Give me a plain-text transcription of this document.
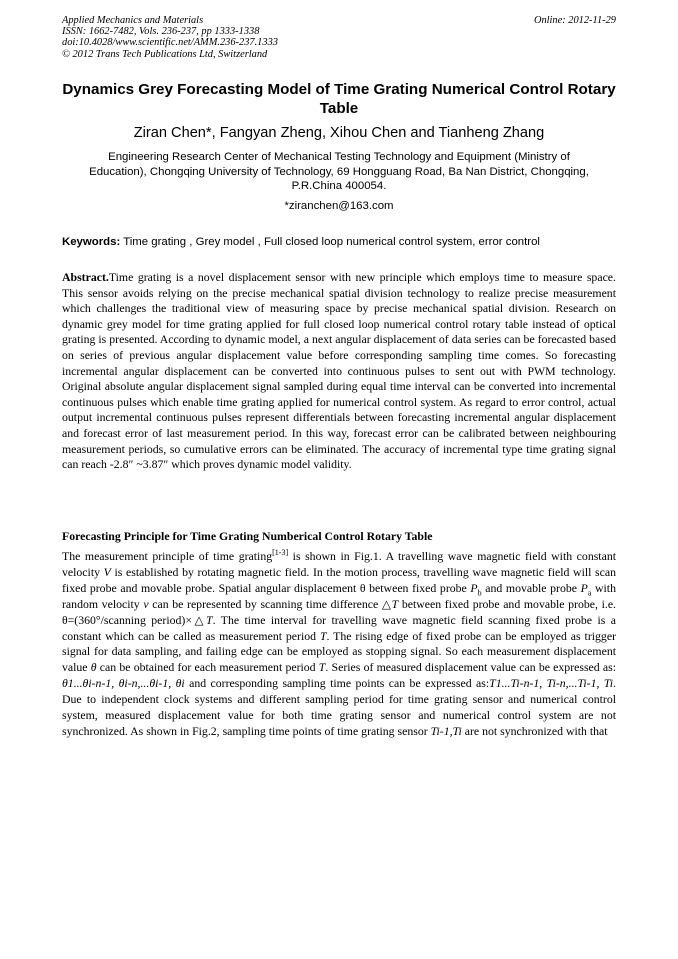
Applied Mechanics and Materials
ISSN: 1662-7482, Vols. 236-237, pp 1333-1338
doi:10.4028/www.scientific.net/AMM.236-237.1333
© 2012 Trans Tech Publications Ltd, Switzerland
Online: 2012-11-29
Dynamics Grey Forecasting Model of Time Grating Numerical Control Rotary Table
Ziran Chen*, Fangyan Zheng, Xihou Chen and Tianheng Zhang
Engineering Research Center of Mechanical Testing Technology and Equipment (Ministry of Education), Chongqing University of Technology, 69 Hongguang Road, Ba Nan District, Chongqing, P.R.China 400054.
*ziranchen@163.com
Keywords: Time grating , Grey model , Full closed loop numerical control system, error control
Abstract.Time grating is a novel displacement sensor with new principle which employs time to measure space. This sensor avoids relying on the precise mechanical spatial division technology to realize precise measurement which challenges the traditional view of measuring space by precise mechanical spatial division. Research on dynamic grey model for time grating applied for full closed loop numerical control rotary table instead of optical grating is presented. According to dynamic model, a next angular displacement of data series can be forecasted based on series of previous angular displacement value before corresponding sampling time comes. So forecasting incremental angular displacement can be converted into continuous pulses to sent out with PWM technology. Original absolute angular displacement signal sampled during equal time interval can be converted into incremental continuous pulses which enable time grating applied for numerical control system. As regard to error control, actual output incremental continuous pulses represent differentials between forecasting incremental angular displacement and forecast error of last measurement period. In this way, forecast error can be calibrated between neighbouring measurement periods, so cumulative errors can be eliminated. The accuracy of incremental type time grating signal can reach -2.8″ ~3.87″ which proves dynamic model validity.
Forecasting Principle for Time Grating Numberical Control Rotary Table
The measurement principle of time grating[1-3] is shown in Fig.1. A travelling wave magnetic field with constant velocity V is established by rotating magnetic field. In the motion process, travelling wave magnetic field will scan fixed probe and movable probe. Spatial angular displacement θ between fixed probe $P_b$ and movable probe $P_a$ with random velocity ν can be represented by scanning time difference △T between fixed probe and movable probe, i.e. θ=(360°/scanning period)×△T. The time interval for travelling wave magnetic field scanning fixed probe is a constant which can be called as measurement period T. The rising edge of fixed probe can be employed as trigger signal for data sampling, and failing edge can be employed as stopping signal. So each measurement displacement value θ can be obtained for each measurement period T. Series of measured displacement value can be expressed as: θ1...θi-n-1, θi-n,...θi-1, θi and corresponding sampling time points can be expressed as:T1...Ti-n-1, Ti-n,...Ti-1, Ti. Due to independent clock systems and different sampling period for time grating sensor and numerical control system, measured displacement value for both time grating sensor and numerical control system are not synchronized. As shown in Fig.2, sampling time points of time grating sensor Ti-1,Ti are not synchronized with that
